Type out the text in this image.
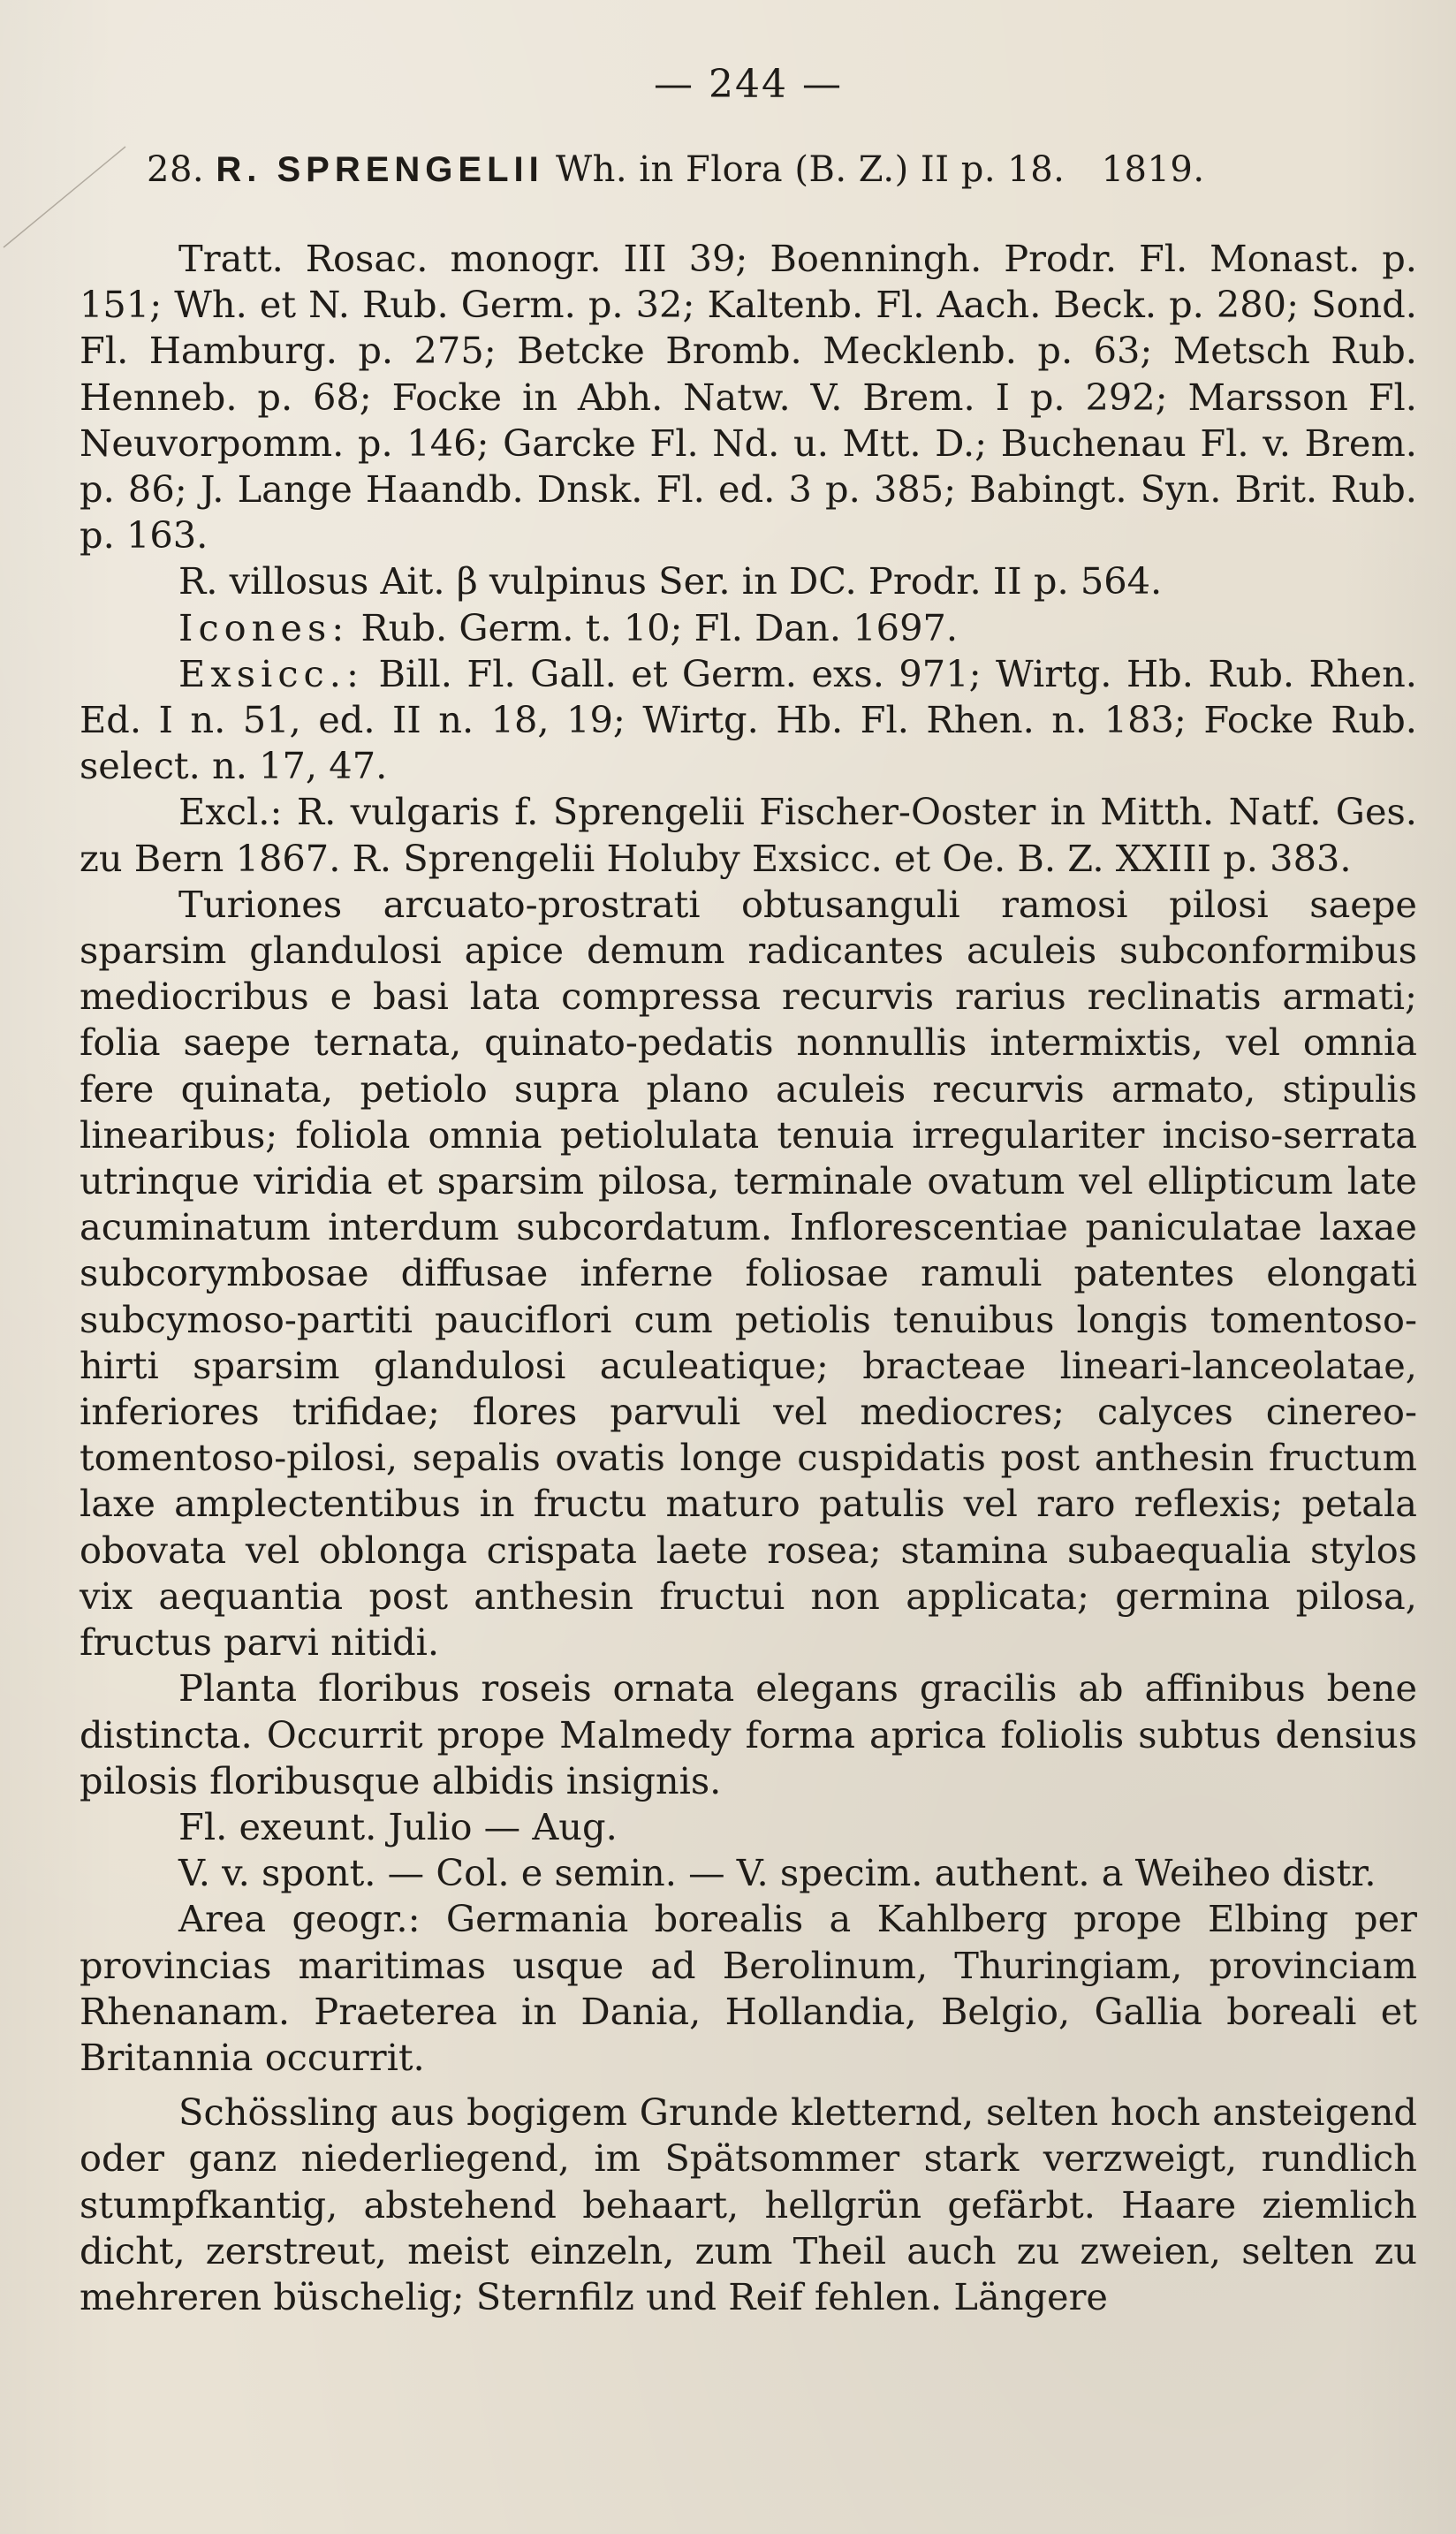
— 244 —
28. R. SPRENGELII Wh. in Flora (B. Z.) II p. 18. 1819.

Tratt. Rosac. monogr. III 39; Boenningh. Prodr. Fl. Monast. p. 151; Wh. et N. Rub. Germ. p. 32; Kaltenb. Fl. Aach. Beck. p. 280; Sond. Fl. Hamburg. p. 275; Betcke Bromb. Mecklenb. p. 63; Metsch Rub. Henneb. p. 68; Focke in Abh. Natw. V. Brem. I p. 292; Marsson Fl. Neuvorpomm. p. 146; Garcke Fl. Nd. u. Mtt. D.; Buchenau Fl. v. Brem. p. 86; J. Lange Haandb. Dnsk. Fl. ed. 3 p. 385; Babingt. Syn. Brit. Rub. p. 163.

R. villosus Ait. β vulpinus Ser. in DC. Prodr. II p. 564.

Icones: Rub. Germ. t. 10; Fl. Dan. 1697.

Exsicc.: Bill. Fl. Gall. et Germ. exs. 971; Wirtg. Hb. Rub. Rhen. Ed. I n. 51, ed. II n. 18, 19; Wirtg. Hb. Fl. Rhen. n. 183; Focke Rub. select. n. 17, 47.

Excl.: R. vulgaris f. Sprengelii Fischer-Ooster in Mitth. Natf. Ges. zu Bern 1867. R. Sprengelii Holuby Exsicc. et Oe. B. Z. XXIII p. 383.

Turiones arcuato-prostrati obtusanguli ramosi pilosi saepe sparsim glandulosi apice demum radicantes aculeis subconformibus mediocribus e basi lata compressa recurvis rarius reclinatis armati; folia saepe ternata, quinato-pedatis nonnullis intermixtis, vel omnia fere quinata, petiolo supra plano aculeis recurvis armato, stipulis linearibus; foliola omnia petiolulata tenuia irregulariter inciso-serrata utrinque viridia et sparsim pilosa, terminale ovatum vel ellipticum late acuminatum interdum subcordatum. Inflorescentiae paniculatae laxae subcorymbosae diffusae inferne foliosae ramuli patentes elongati subcymoso-partiti pauciflori cum petiolis tenuibus longis tomentoso-hirti sparsim glandulosi aculeatique; bracteae lineari-lanceolatae, inferiores trifidae; flores parvuli vel mediocres; calyces cinereo-tomentoso-pilosi, sepalis ovatis longe cuspidatis post anthesin fructum laxe amplectentibus in fructu maturo patulis vel raro reflexis; petala obovata vel oblonga crispata laete rosea; stamina subaequalia stylos vix aequantia post anthesin fructui non applicata; germina pilosa, fructus parvi nitidi.

Planta floribus roseis ornata elegans gracilis ab affinibus bene distincta. Occurrit prope Malmedy forma aprica foliolis subtus densius pilosis floribusque albidis insignis.

Fl. exeunt. Julio — Aug.

V. v. spont. — Col. e semin. — V. specim. authent. a Weiheo distr.

Area geogr.: Germania borealis a Kahlberg prope Elbing per provincias maritimas usque ad Berolinum, Thuringiam, provinciam Rhenanam. Praeterea in Dania, Hollandia, Belgio, Gallia boreali et Britannia occurrit.

Schössling aus bogigem Grunde kletternd, selten hoch ansteigend oder ganz niederliegend, im Spätsommer stark verzweigt, rundlich stumpfkantig, abstehend behaart, hellgrün gefärbt. Haare ziemlich dicht, zerstreut, meist einzeln, zum Theil auch zu zweien, selten zu mehreren büschelig; Sternfilz und Reif fehlen. Längere
